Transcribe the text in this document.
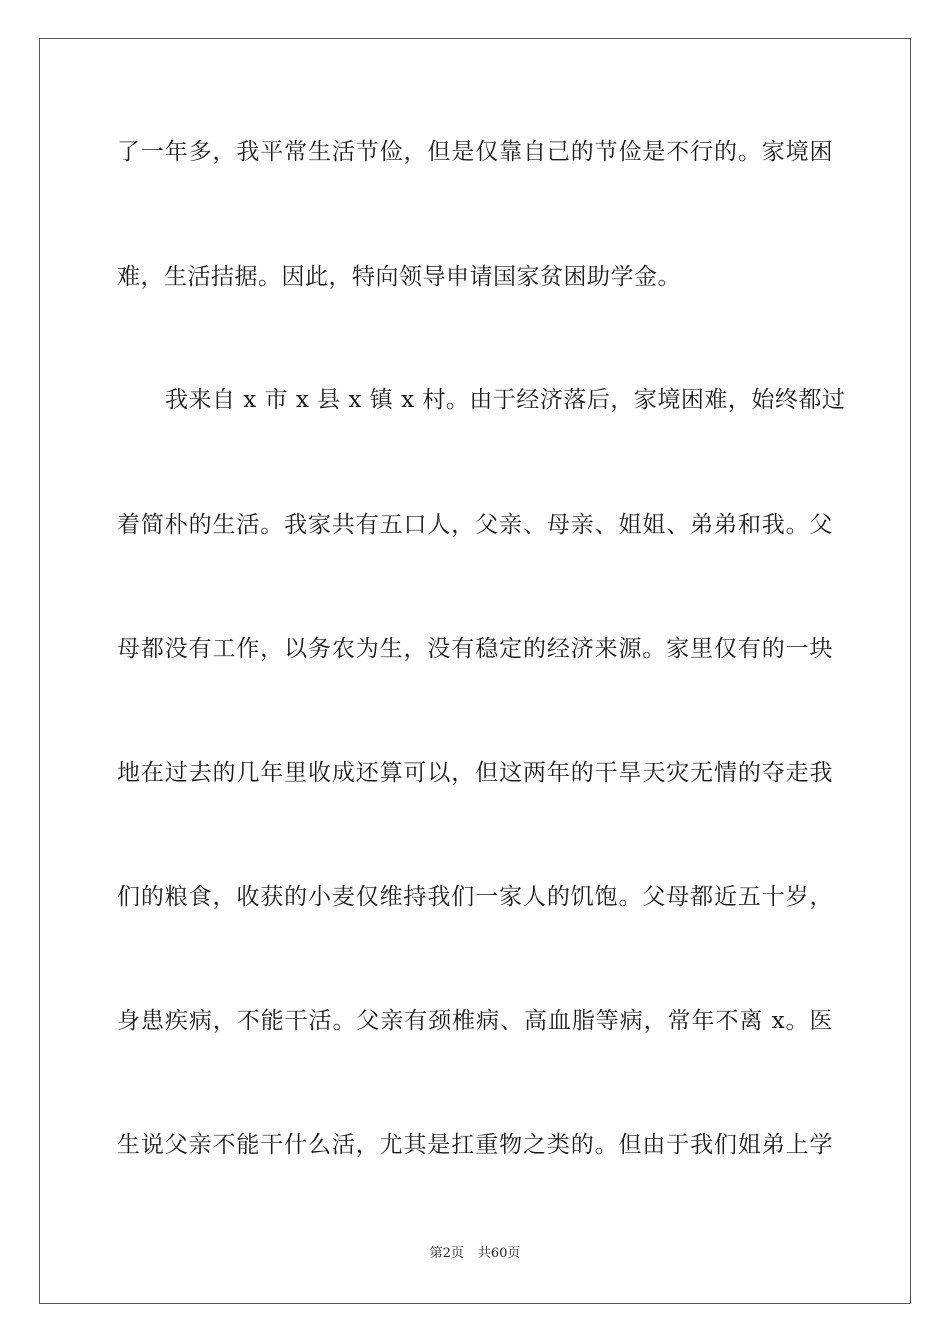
了一年多，我平常生活节俭，但是仅靠自己的节俭是不行的。家境困
难，生活拮据。因此，特向领导申请国家贫困助学金。
我来自 x 市 x 县 x 镇 x 村。由于经济落后，家境困难，始终都过
着简朴的生活。我家共有五口人，父亲、母亲、姐姐、弟弟和我。父
母都没有工作，以务农为生，没有稳定的经济来源。家里仅有的一块
地在过去的几年里收成还算可以，但这两年的干旱天灾无情的夺走我
们的粮食，收获的小麦仅维持我们一家人的饥饱。父母都近五十岁，
身患疾病，不能干活。父亲有颈椎病、高血脂等病，常年不离 x。医
生说父亲不能干什么活，尤其是扛重物之类的。但由于我们姐弟上学
第2页 共60页
